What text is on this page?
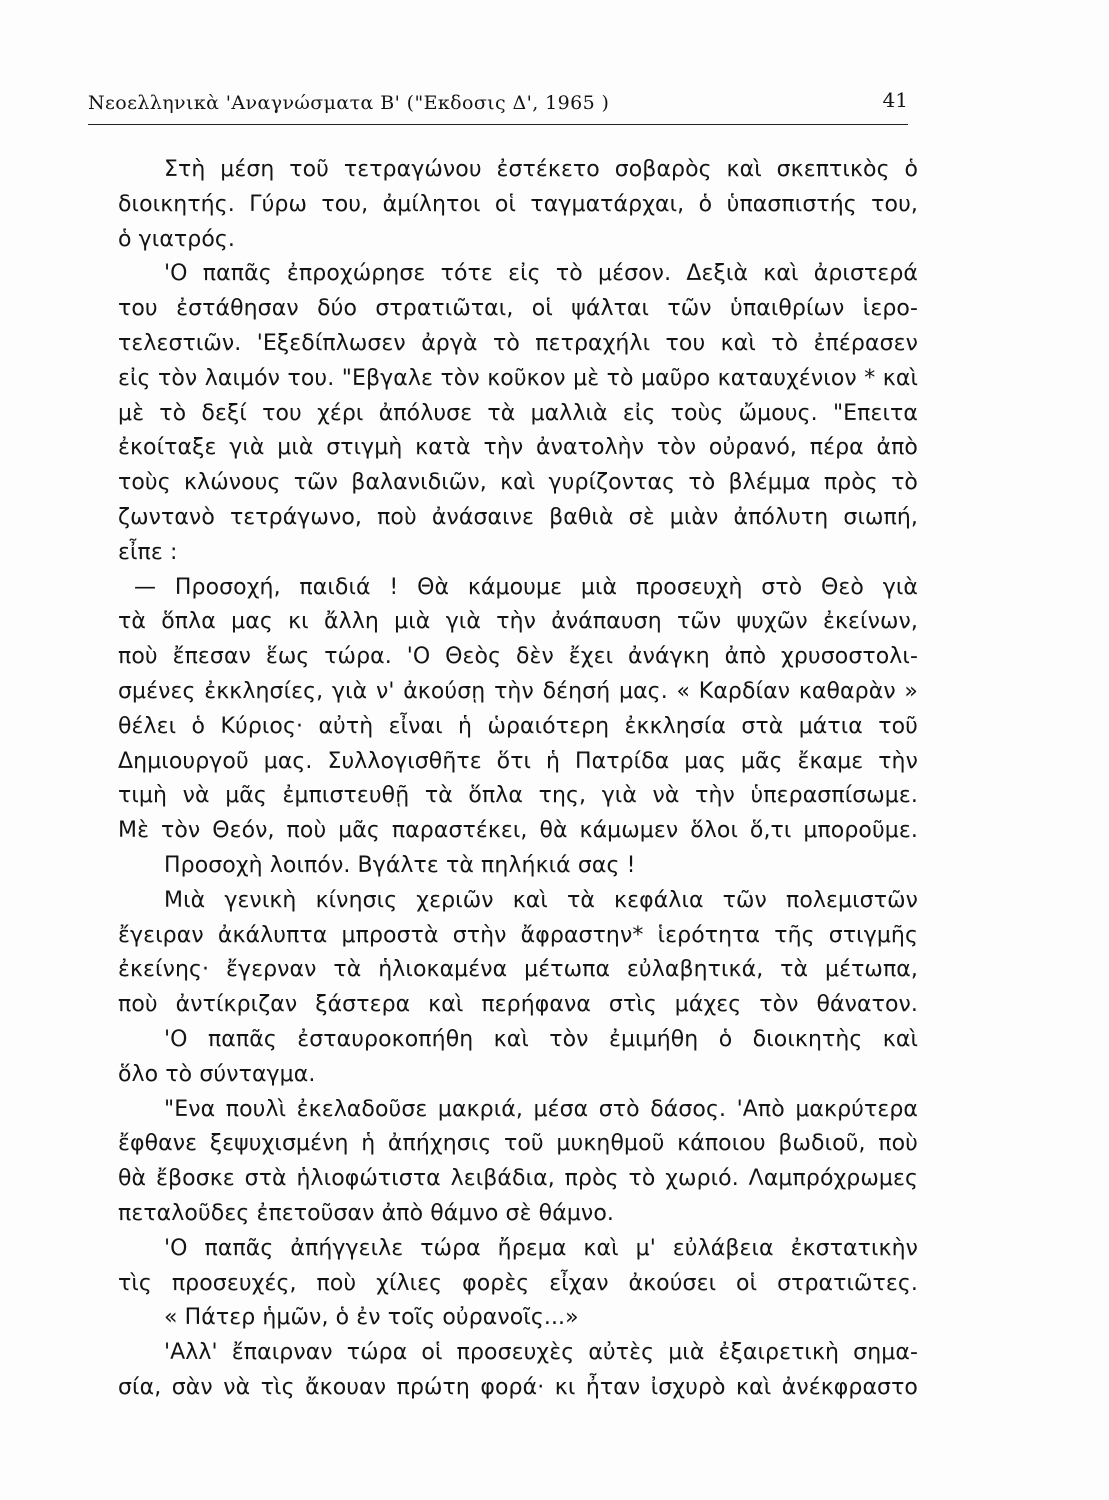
Νεοελληνικὰ 'Αναγνώσματα Β' ("Εκδοσις Δ', 1965 )	41
Στὴ μέση τοῦ τετραγώνου ἐστέκετο σοβαρὸς καὶ σκεπτικὸς ὁ
διοικητής. Γύρω του, ἀμίλητοι οἱ ταγματάρχαι, ὁ ὑπασπιστής του,
ὁ γιατρός.
'Ο παπᾶς ἐπροχώρησε τότε εἰς τὸ μέσον. Δεξιὰ καὶ ἀριστερά
του ἐστάθησαν δύο στρατιῶται, οἱ ψάλται τῶν ὑπαιθρίων ἱερο-
τελεστιῶν. 'Εξεδίπλωσεν ἀργὰ τὸ πετραχήλι του καὶ τὸ ἐπέρασεν
εἰς τὸν λαιμόν του. "Εβγαλε τὸν κοῦκον μὲ τὸ μαῦρο καταυχένιον * καὶ
μὲ τὸ δεξί του χέρι ἀπόλυσε τὰ μαλλιὰ εἰς τοὺς ὤμους. "Επειτα
ἐκοίταξε γιὰ μιὰ στιγμὴ κατὰ τὴν ἀνατολὴν τὸν οὐρανό, πέρα ἀπὸ
τοὺς κλώνους τῶν βαλανιδιῶν, καὶ γυρίζοντας τὸ βλέμμα πρὸς τὸ
ζωντανὸ τετράγωνο, ποὺ ἀνάσαινε βαθιὰ σὲ μιὰν ἀπόλυτη σιωπή,
εἶπε :
— Προσοχή, παιδιά ! Θὰ κάμουμε μιὰ προσευχὴ στὸ Θεὸ γιὰ
τὰ ὅπλα μας κι ἄλλη μιὰ γιὰ τὴν ἀνάπαυση τῶν ψυχῶν ἐκείνων,
ποὺ ἔπεσαν ἕως τώρα. 'Ο Θεὸς δὲν ἔχει ἀνάγκη ἀπὸ χρυσοστολι-
σμένες ἐκκλησίες, γιὰ ν' ἀκούσῃ τὴν δέησή μας. « Καρδίαν καθαρὰν »
θέλει ὁ Κύριος· αὐτὴ εἶναι ἡ ὡραιότερη ἐκκλησία στὰ μάτια τοῦ
Δημιουργοῦ μας. Συλλογισθῆτε ὅτι ἡ Πατρίδα μας μᾶς ἔκαμε τὴν
τιμὴ νὰ μᾶς ἐμπιστευθῇ τὰ ὅπλα της, γιὰ νὰ τὴν ὑπερασπίσωμε.
Μὲ τὸν Θεόν, ποὺ μᾶς παραστέκει, θὰ κάμωμεν ὅλοι ὅ,τι μποροῦμε.
Προσοχὴ λοιπόν. Βγάλτε τὰ πηλήκιά σας !
Μιὰ γενικὴ κίνησις χεριῶν καὶ τὰ κεφάλια τῶν πολεμιστῶν
ἔγειραν ἀκάλυπτα μπροστὰ στὴν ἄφραστην* ἱερότητα τῆς στιγμῆς
ἐκείνης· ἔγερναν τὰ ἡλιοκαμένα μέτωπα εὐλαβητικά, τὰ μέτωπα,
ποὺ ἀντίκριζαν ξάστερα καὶ περήφανα στὶς μάχες τὸν θάνατον.
'Ο παπᾶς ἐσταυροκοπήθη καὶ τὸν ἐμιμήθη ὁ διοικητὴς καὶ
ὅλο τὸ σύνταγμα.
"Ενα πουλὶ ἐκελαδοῦσε μακριά, μέσα στὸ δάσος. 'Απὸ μακρύτερα
ἔφθανε ξεψυχισμένη ἡ ἀπήχησις τοῦ μυκηθμοῦ κάποιου βωδιοῦ, ποὺ
θὰ ἔβοσκε στὰ ἡλιοφώτιστα λειβάδια, πρὸς τὸ χωριό. Λαμπρόχρωμες
πεταλοῦδες ἐπετοῦσαν ἀπὸ θάμνο σὲ θάμνο.
'Ο παπᾶς ἀπήγγειλε τώρα ἤρεμα καὶ μ' εὐλάβεια ἐκστατικὴν
τὶς προσευχές, ποὺ χίλιες φορὲς εἶχαν ἀκούσει οἱ στρατιῶτες.
« Πάτερ ἡμῶν, ὁ ἐν τοῖς οὐρανοῖς...»
'Αλλ' ἔπαιρναν τώρα οἱ προσευχὲς αὐτὲς μιὰ ἐξαιρετικὴ σημα-
σία, σὰν νὰ τὶς ἄκουαν πρώτη φορά· κι ἦταν ἰσχυρὸ καὶ ἀνέκφραστο
